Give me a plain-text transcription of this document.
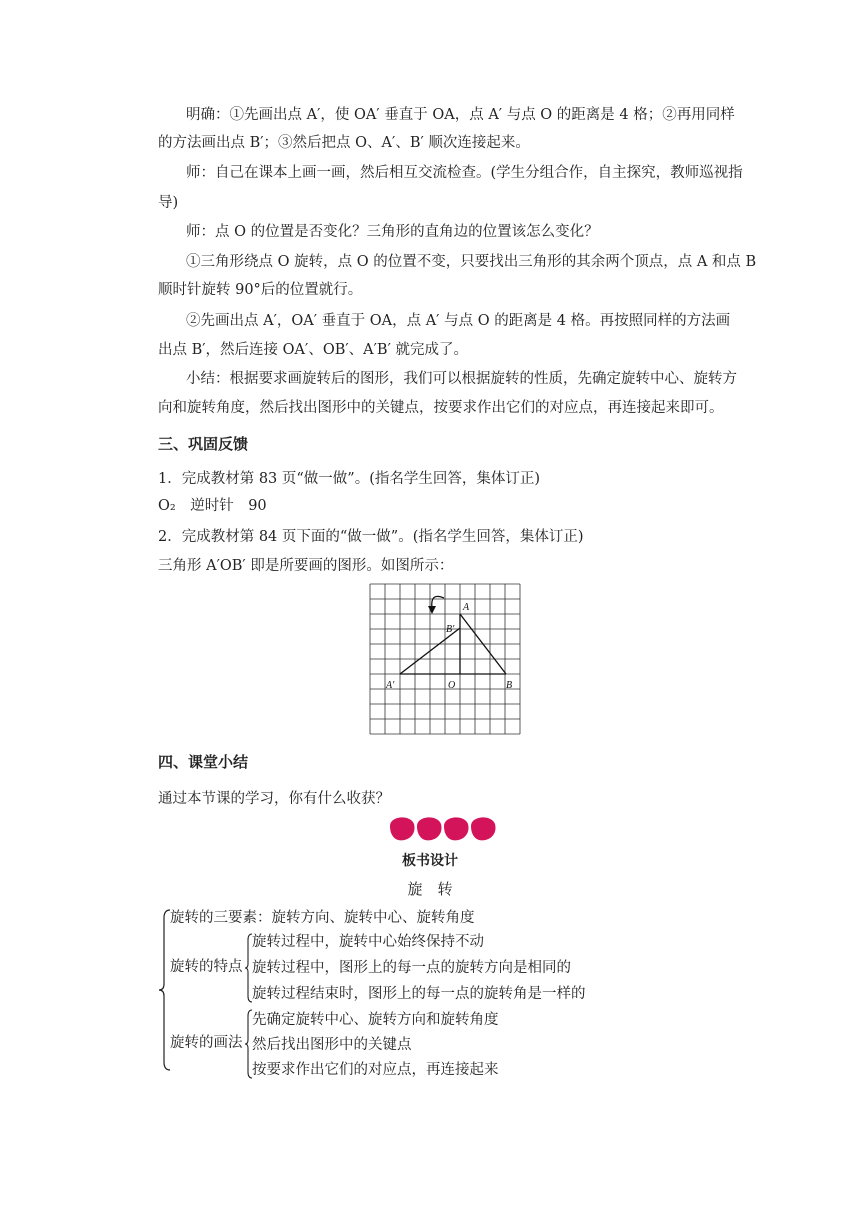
明确：①先画出点 A′，使 OA′ 垂直于 OA，点 A′ 与点 O 的距离是 4 格；②再用同样
的方法画出点 B′；③然后把点 O、A′、B′ 顺次连接起来。
师：自己在课本上画一画，然后相互交流检查。(学生分组合作，自主探究，教师巡视指
导)
师：点 O 的位置是否变化？三角形的直角边的位置该怎么变化？
①三角形绕点 O 旋转，点 O 的位置不变，只要找出三角形的其余两个顶点，点 A 和点 B
顺时针旋转 90°后的位置就行。
②先画出点 A′，OA′ 垂直于 OA，点 A′ 与点 O 的距离是 4 格。再按照同样的方法画
出点 B′，然后连接 OA′、OB′、A′B′ 就完成了。
小结：根据要求画旋转后的图形，我们可以根据旋转的性质，先确定旋转中心、旋转方
向和旋转角度，然后找出图形中的关键点，按要求作出它们的对应点，再连接起来即可。
三、巩固反馈
1．完成教材第 83 页“做一做”。(指名学生回答，集体订正)
O₂　逆时针　90
2．完成教材第 84 页下面的“做一做”。(指名学生回答，集体订正)
三角形 A′OB′ 即是所要画的图形。如图所示：
A
B′
A′	O	B
四、课堂小结
通过本节课的学习，你有什么收获？
板书设计
旋　转
旋转的三要素：旋转方向、旋转中心、旋转角度
旋转的特点
旋转过程中，旋转中心始终保持不动
旋转过程中，图形上的每一点的旋转方向是相同的
旋转过程结束时，图形上的每一点的旋转角是一样的
旋转的画法
先确定旋转中心、旋转方向和旋转角度
然后找出图形中的关键点
按要求作出它们的对应点，再连接起来
